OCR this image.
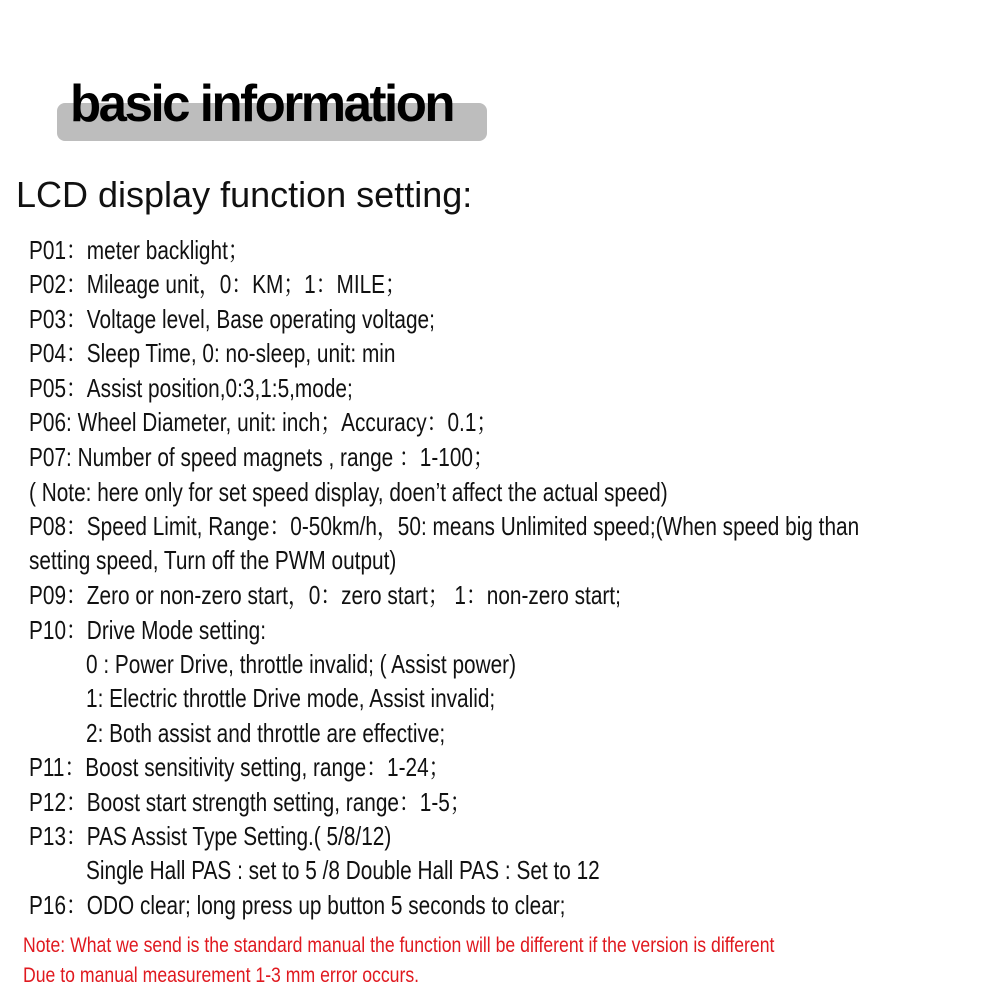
basic information
LCD display function setting:
P01：meter backlight；
P02：Mileage unit，0：KM；1：MILE；
P03：Voltage level, Base operating voltage;
P04：Sleep Time, 0: no-sleep, unit: min
P05：Assist position,0:3,1:5,mode;
P06: Wheel Diameter, unit: inch；Accuracy：0.1；
P07: Number of speed magnets , range ：1-100；
( Note: here only for set speed display, doen’t affect the actual speed)
P08：Speed Limit, Range：0-50km/h，50: means Unlimited speed;(When speed big than
setting speed, Turn off the PWM output)
P09：Zero or non-zero start，0：zero start； 1：non-zero start;
P10：Drive Mode setting:
0 : Power Drive, throttle invalid; ( Assist power)
1: Electric throttle Drive mode, Assist invalid;
2: Both assist and throttle are effective;
P11：Boost sensitivity setting, range：1-24；
P12：Boost start strength setting, range：1-5；
P13：PAS Assist Type Setting.( 5/8/12)
Single Hall PAS : set to 5 /8 Double Hall PAS : Set to 12
P16：ODO clear; long press up button 5 seconds to clear;
Note: What we send is the standard manual the function will be different if the version is different
Due to manual measurement 1-3 mm error occurs.
